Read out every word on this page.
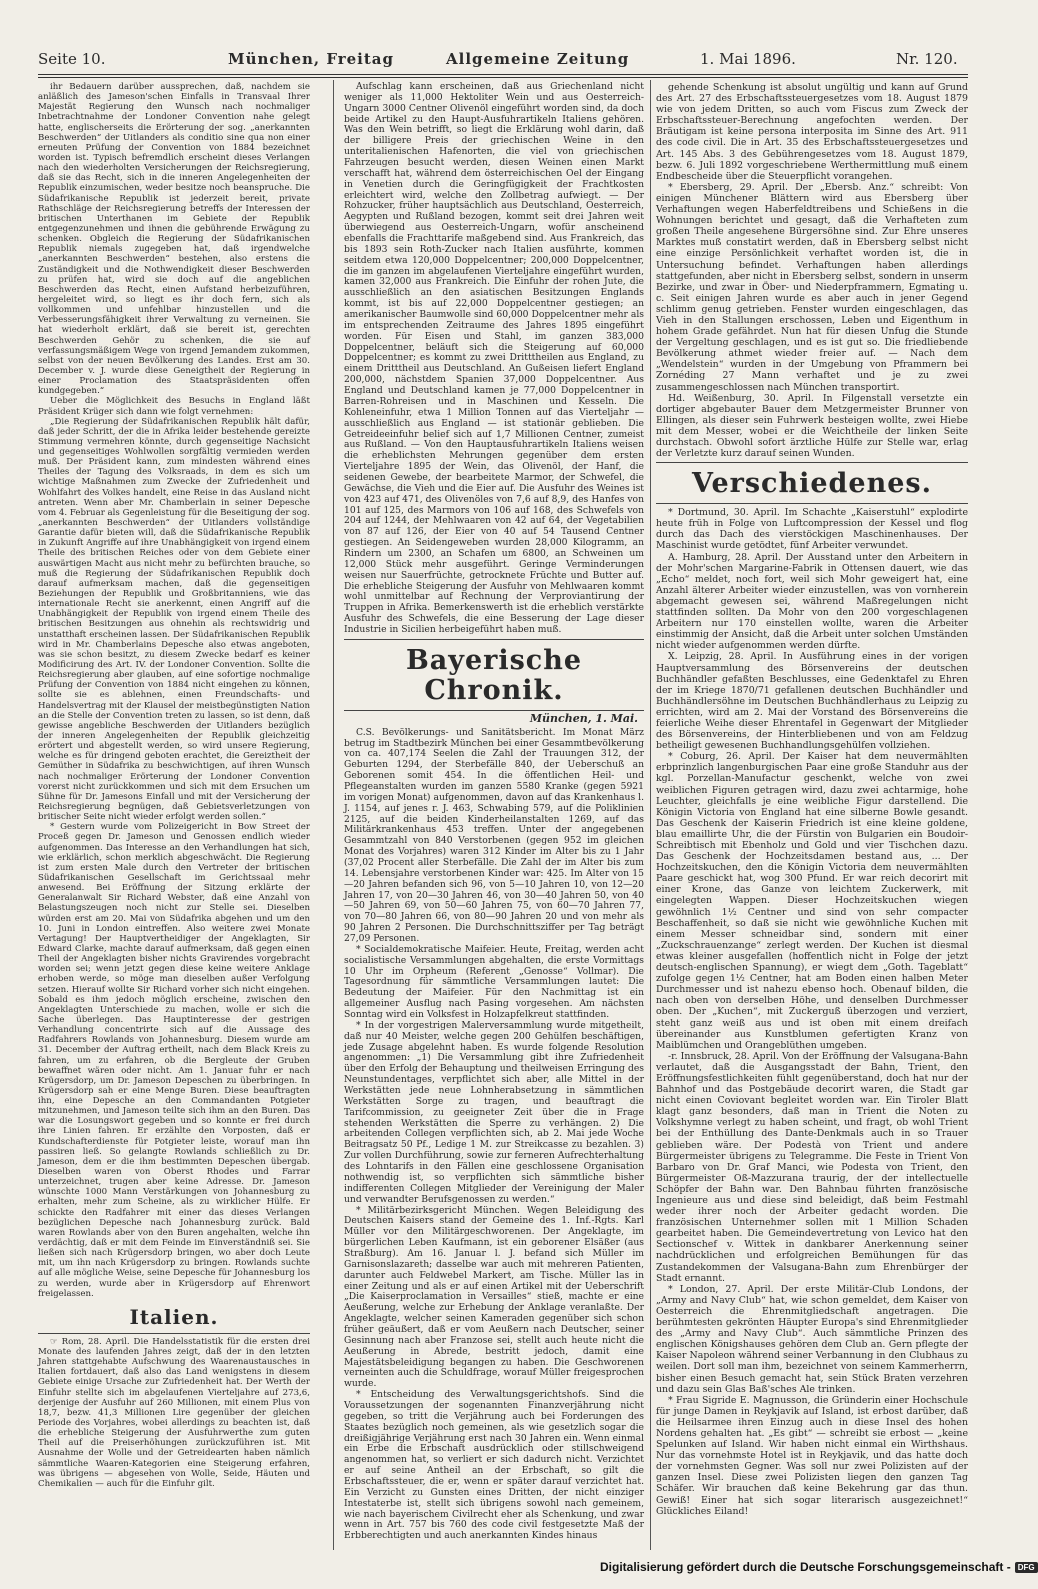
Seite 10.	München, Freitag	Allgemeine Zeitung	1. Mai 1896.	Nr. 120.

ihr Bedauern darüber aussprechen, daß, nachdem sie anläßlich des Jameson'schen Einfalls in Transvaal Ihrer Majestät Regierung den Wunsch nach nochmaliger Inbetrachtnahme der Londoner Convention nahe gelegt hatte, englischerseits die Erörterung der sog. „anerkannten Beschwerden“ der Uitlanders als conditio sine qua non einer erneuten Prüfung der Convention von 1884 bezeichnet worden ist. Typisch befremdlich erscheint dieses Verlangen nach den wiederholten Versicherungen der Reichsregierung, daß sie das Recht, sich in die inneren Angelegenheiten der Republik einzumischen, weder besitze noch beanspruche. Die Südafrikanische Republik ist jederzeit bereit, private Rathschläge der Reichsregierung betreffs der Interessen der britischen Unterthanen im Gebiete der Republik entgegenzunehmen und ihnen die gebührende Erwägung zu schenken. Obgleich die Regierung der Südafrikanischen Republik niemals zugegeben hat, daß irgendwelche „anerkannten Beschwerden“ bestehen, also erstens die Zuständigkeit und die Nothwendigkeit dieser Beschwerden zu prüfen hat, wird sie doch auf die angeblichen Beschwerden das Recht, einen Aufstand herbeizuführen, hergeleitet wird, so liegt es ihr doch fern, sich als vollkommen und unfehlbar hinzustellen und die Verbesserungsfähigkeit ihrer Verwaltung zu verneinen. Sie hat wiederholt erklärt, daß sie bereit ist, gerechten Beschwerden Gehör zu schenken, die sie auf verfassungsmäßigem Wege von irgend Jemandem zukommen, selbst von der neuen Bevölkerung des Landes. Erst am 30. December v. J. wurde diese Geneigtheit der Regierung in einer Proclamation des Staatspräsidenten offen kundgegeben.“

Ueber die Möglichkeit des Besuchs in England läßt Präsident Krüger sich dann wie folgt vernehmen:

„Die Regierung der Südafrikanischen Republik hält dafür, daß jeder Schritt, der die in Afrika leider bestehende gereizte Stimmung vermehren könnte, durch gegenseitige Nachsicht und gegenseitiges Wohlwollen sorgfältig vermieden werden muß. Der Präsident kann, zum mindesten während eines Theiles der Tagung des Volksraads, in dem es sich um wichtige Maßnahmen zum Zwecke der Zufriedenheit und Wohlfahrt des Volkes handelt, eine Reise in das Ausland nicht antreten. Wenn aber Mr. Chamberlain in seiner Depesche vom 4. Februar als Gegenleistung für die Beseitigung der sog. „anerkannten Beschwerden“ der Uitlanders vollständige Garantie dafür bieten will, daß die Südafrikanische Republik in Zukunft Angriffe auf ihre Unabhängigkeit von irgend einem Theile des britischen Reiches oder von dem Gebiete einer auswärtigen Macht aus nicht mehr zu befürchten brauche, so muß die Regierung der Südafrikanischen Republik doch darauf aufmerksam machen, daß die gegenseitigen Beziehungen der Republik und Großbritanniens, wie das internationale Recht sie anerkennt, einen Angriff auf die Unabhängigkeit der Republik von irgend einem Theile des britischen Besitzungen aus ohnehin als rechtswidrig und unstatthaft erscheinen lassen. Der Südafrikanischen Republik wird in Mr. Chamberlains Depesche also etwas angeboten, was sie schon besitzt, zu diesem Zwecke bedarf es keiner Modificirung des Art. IV. der Londoner Convention. Sollte die Reichsregierung aber glauben, auf eine sofortige nochmalige Prüfung der Convention von 1884 nicht eingehen zu können, sollte sie es ablehnen, einen Freundschafts- und Handelsvertrag mit der Klausel der meistbegünstigten Nation an die Stelle der Convention treten zu lassen, so ist denn, daß gewisse angebliche Beschwerden der Uitlanders bezüglich der inneren Angelegenheiten der Republik gleichzeitig erörtert und abgestellt werden, so wird unsere Regierung, welche es für dringend geboten erachtet, die Gereiztheit der Gemüther in Südafrika zu beschwichtigen, auf ihren Wunsch nach nochmaliger Erörterung der Londoner Convention vorerst nicht zurückkommen und sich mit dem Ersuchen um Sühne für Dr. Jamesons Einfall und mit der Versicherung der Reichsregierung begnügen, daß Gebietsverletzungen von britischer Seite nicht wieder erfolgt werden sollen.“

* Gestern wurde vom Polizeigericht in Bow Street der Proceß gegen Dr. Jameson und Genossen endlich wieder aufgenommen. Das Interesse an den Verhandlungen hat sich, wie erklärlich, schon merklich abgeschwächt. Die Regierung ist zum ersten Male durch den Vertreter der britischen Südafrikanischen Gesellschaft im Gerichtssaal mehr anwesend. Bei Eröffnung der Sitzung erklärte der Generalanwalt Sir Richard Webster, daß eine Anzahl von Belastungszeugen noch nicht zur Stelle sei. Dieselben würden erst am 20. Mai von Südafrika abgehen und um den 10. Juni in London eintreffen. Also weitere zwei Monate Vertagung! Der Hauptvertheidiger der Angeklagten, Sir Edward Clarke, machte darauf aufmerksam, daß gegen einen Theil der Angeklagten bisher nichts Gravirendes vorgebracht worden sei; wenn jetzt gegen diese keine weitere Anklage erhoben werde, so möge man dieselben außer Verfolgung setzen. Hierauf wollte Sir Richard vorher sich nicht eingehen. Sobald es ihm jedoch möglich erscheine, zwischen den Angeklagten Unterschiede zu machen, wolle er sich die Sache überlegen. Das Hauptinteresse der gestrigen Verhandlung concentrirte sich auf die Aussage des Radfahrers Rowlands von Johannesburg. Diesem wurde am 31. December der Auftrag ertheilt, nach dem Black Kreis zu fahren, um zu erfahren, ob die Bergleute der Gruben bewaffnet wären oder nicht. Am 1. Januar fuhr er nach Krügersdorp, um Dr. Jameson Depeschen zu überbringen. In Krügersdorp sah er eine Menge Buren. Diese beauftragten ihn, eine Depesche an den Commandanten Potgieter mitzunehmen, und Jameson teilte sich ihm an den Buren. Das war die Losungswort gegeben und so konnte er frei durch ihre Linien fahren. Er erzählte den Vorposten, daß er Kundschafterdienste für Potgieter leiste, worauf man ihn passiren ließ. So gelangte Rowlands schließlich zu Dr. Jameson, dem er die ihm bestimmten Depeschen übergab. Dieselben waren von Oberst Rhodes und Farrar unterzeichnet, trugen aber keine Adresse. Dr. Jameson wünschte 1000 Mann Verstärkungen von Johannesburg zu erhalten, mehr zum Scheine, als zu wirklicher Hülfe. Er schickte den Radfahrer mit einer das dieses Verlangen bezüglichen Depesche nach Johannesburg zurück. Bald waren Rowlands aber von den Buren angehalten, welche ihn verdächtig, daß er mit dem Feinde im Einverständniß sei. Sie ließen sich nach Krügersdorp bringen, wo aber doch Leute mit, um ihn nach Krügersdorp zu bringen. Rowlands suchte auf alle mögliche Weise, seine Depesche für Johannesburg los zu werden, wurde aber in Krügersdorp auf Ehrenwort freigelassen.

Italien.

☞ Rom, 28. April. Die Handelsstatistik für die ersten drei Monate des laufenden Jahres zeigt, daß der in den letzten Jahren stattgehabte Aufschwung des Waarenaustausches in Italien fortdauert, daß also das Land wenigstens in diesem Gebiete einige Ursache zur Zufriedenheit hat. Der Werth der Einfuhr stellte sich im abgelaufenen Vierteljahre auf 273,6, derjenige der Ausfuhr auf 260 Millionen, mit einem Plus von 18,7, bezw. 41,3 Millionen Lire gegenüber der gleichen Periode des Vorjahres, wobei allerdings zu beachten ist, daß die erhebliche Steigerung der Ausfuhrwerthe zum guten Theil auf die Preiserhöhungen zurückzuführen ist. Mit Ausnahme der Wolle und der Getreidearten haben nämlich sämmtliche Waaren-Kategorien eine Steigerung erfahren, was übrigens — abgesehen von Wolle, Seide, Häuten und Chemikalien — auch für die Einfuhr gilt.

Aufschlag kann erscheinen, daß aus Griechenland nicht weniger als 11,000 Hektoliter Wein und aus Oesterreich-Ungarn 3000 Centner Olivenöl eingeführt worden sind, da doch beide Artikel zu den Haupt-Ausfuhrartikeln Italiens gehören. Was den Wein betrifft, so liegt die Erklärung wohl darin, daß der billigere Preis der griechischen Weine in den unteritalienischen Hafenorten, die viel von griechischen Fahrzeugen besucht werden, diesen Weinen einen Markt verschafft hat, während dem österreichischen Oel der Eingang in Venetien durch die Geringfügigkeit der Frachtkosten erleichtert wird, welche den Zollbetrag aufwiegt. — Der Rohzucker, früher hauptsächlich aus Deutschland, Oesterreich, Aegypten und Rußland bezogen, kommt seit drei Jahren weit überwiegend aus Oesterreich-Ungarn, wofür anscheinend ebenfalls die Frachttarife maßgebend sind. Aus Frankreich, das bis 1893 sein Roth-Zucker nach Italien ausführte, kommen seitdem etwa 120,000 Doppelcentner; 200,000 Doppelcentner, die im ganzen im abgelaufenen Vierteljahre eingeführt wurden, kamen 32,000 aus Frankreich. Die Einfuhr der rohen Jute, die ausschließlich an den asiatischen Besitzungen Englands kommt, ist bis auf 22,000 Doppelcentner gestiegen; an amerikanischer Baumwolle sind 60,000 Doppelcentner mehr als im entsprechenden Zeitraume des Jahres 1895 eingeführt worden. Für Eisen und Stahl, im ganzen 383,000 Doppelcentner, beläuft sich die Steigerung auf 60,000 Doppelcentner; es kommt zu zwei Dritttheilen aus England, zu einem Dritttheil aus Deutschland. An Gußeisen liefert England 200,000, nächstdem Spanien 37,000 Doppelcentner. Aus England und Deutschland kamen je 77,000 Doppelcentner in Barren-Rohreisen und in Maschinen und Kesseln. Die Kohleneinfuhr, etwa 1 Million Tonnen auf das Vierteljahr — ausschließlich aus England — ist stationär geblieben. Die Getreideeinfuhr belief sich auf 1,7 Millionen Centner, zumeist aus Rußland. — Von den Hauptausfuhrartikeln Italiens weisen die erheblichsten Mehrungen gegenüber dem ersten Vierteljahre 1895 der Wein, das Olivenöl, der Hanf, die seidenen Gewebe, der bearbeitete Marmor, der Schwefel, die Gewächse, die Vieh und die Eier auf. Die Ausfuhr des Weines ist von 423 auf 471, des Olivenöles von 7,6 auf 8,9, des Hanfes von 101 auf 125, des Marmors von 106 auf 168, des Schwefels von 204 auf 1244, der Mehlwaaren von 42 auf 64, der Vegetabilien von 87 auf 126, der Eier von 40 auf 54 Tausend Centner gestiegen. An Seidengeweben wurden 28,000 Kilogramm, an Rindern um 2300, an Schafen um 6800, an Schweinen um 12,000 Stück mehr ausgeführt. Geringe Verminderungen weisen nur Sauerfrüchte, getrocknete Früchte und Butter auf. Die erhebliche Steigerung der Ausfuhr von Mehlwaaren kommt wohl unmittelbar auf Rechnung der Verproviantirung der Truppen in Afrika. Bemerkenswerth ist die erheblich verstärkte Ausfuhr des Schwefels, die eine Besserung der Lage dieser Industrie in Sicilien herbeigeführt haben muß.

Bayerische Chronik.
München, 1. Mai.

C.S. Bevölkerungs- und Sanitätsbericht. Im Monat März betrug im Stadtbezirk München bei einer Gesammtbevölkerung von ca. 407,174 Seelen die Zahl der Trauungen 312, der Geburten 1294, der Sterbefälle 840, der Ueberschuß an Geborenen somit 454. In die öffentlichen Heil- und Pflegeanstalten wurden im ganzen 5580 Kranke (gegen 5921 im vorigen Monat) aufgenommen, davon auf das Krankenhaus l. J. 1154, auf jenes r. J. 463, Schwabing 579, auf die Poliklinien 2125, auf die beiden Kinderheilanstalten 1269, auf das Militärkrankenhaus 453 treffen. Unter der angegebenen Gesammtzahl von 840 Verstorbenen (gegen 952 im gleichen Monat des Vorjahres) waren 312 Kinder im Alter bis zu 1 Jahr (37,02 Procent aller Sterbefälle. Die Zahl der im Alter bis zum 14. Lebensjahre verstorbenen Kinder war: 425. Im Alter von 15—20 Jahren befanden sich 96, von 5—10 Jahren 10, von 12—20 Jahren 17, von 20—30 Jahren 46, von 30—40 Jahren 50, von 40—50 Jahren 69, von 50—60 Jahren 75, von 60—70 Jahren 77, von 70—80 Jahren 66, von 80—90 Jahren 20 und von mehr als 90 Jahren 2 Personen. Die Durchschnittsziffer per Tag beträgt 27,09 Personen.

* Socialdemokratische Maifeier. Heute, Freitag, werden acht socialistische Versammlungen abgehalten, die erste Vormittags 10 Uhr im Orpheum (Referent „Genosse“ Vollmar). Die Tagesordnung für sämmtliche Versammlungen lautet: Die Bedeutung der Maifeier. Für den Nachmittag ist ein allgemeiner Ausflug nach Pasing vorgesehen. Am nächsten Sonntag wird ein Volksfest in Holzapfelkreut stattfinden.

* In der vorgestrigen Malerversammlung wurde mitgetheilt, daß nur 40 Meister, welche gegen 200 Gehülfen beschäftigen, jede Zusage abgelehnt haben. Es wurde folgende Resolution angenommen: „1) Die Versammlung gibt ihre Zufriedenheit über den Erfolg der Behauptung und theilweisen Erringung des Neunstundentages, verpflichtet sich aber, alle Mittel in der Werkstätten jede neue Lohnherabsetzung in sämmtlichen Werkstätten Sorge zu tragen, und beauftragt die Tarifcommission, zu geeigneter Zeit über die in Frage stehenden Werkstätten die Sperre zu verhängen. 2) Die arbeitenden Collegen verpflichten sich, ab 2. Mai jede Woche Beitragsatz 50 Pf., Ledige 1 M. zur Streikcasse zu bezahlen. 3) Zur vollen Durchführung, sowie zur ferneren Aufrechterhaltung des Lohntarifs in den Fällen eine geschlossene Organisation nothwendig ist, so verpflichten sich sämmtliche bisher indifferenten Collegen Mitglieder der Vereinigung der Maler und verwandter Berufsgenossen zu werden.“

* Militärbezirksgericht München. Wegen Beleidigung des Deutschen Kaisers stand der Gemeine des 1. Inf.-Rgts. Karl Müller vor den Militärgeschworenen. Der Angeklagte, im bürgerlichen Leben Kaufmann, ist ein geborener Elsäßer (aus Straßburg). Am 16. Januar l. J. befand sich Müller im Garnisonslazareth; dasselbe war auch mit mehreren Patienten, darunter auch Feldwebel Markert, am Tische. Müller las in einer Zeitung und als er auf einen Artikel mit der Ueberschrift „Die Kaiserproclamation in Versailles“ stieß, machte er eine Aeußerung, welche zur Erhebung der Anklage veranlaßte. Der Angeklagte, welcher seinen Kameraden gegenüber sich schon früher geäußert, daß er vom Aeußern nach Deutscher, seiner Gesinnung nach aber Franzose sei, stellt auch heute nicht die Aeußerung in Abrede, bestritt jedoch, damit eine Majestätsbeleidigung begangen zu haben. Die Geschworenen verneinten auch die Schuldfrage, worauf Müller freigesprochen wurde.

* Entscheidung des Verwaltungsgerichtshofs. Sind die Voraussetzungen der sogenannten Finanzverjährung nicht gegeben, so tritt die Verjährung auch bei Forderungen des Staates bezüglich noch gemeinen, als wie gesetzlich sogar die dreißigjährige Verjährung erst nach 30 Jahren ein. Wenn einmal ein Erbe die Erbschaft ausdrücklich oder stillschweigend angenommen hat, so verliert er sich dadurch nicht. Verzichtet er auf seine Antheil an der Erbschaft, so gilt die Erbschaftssteuer, die er, wenn er später darauf verzichtet hat. Ein Verzicht zu Gunsten eines Dritten, der nicht einziger Intestaterbe ist, stellt sich übrigens sowohl nach gemeinem, wie nach bayerischem Civilrecht eher als Schenkung, und zwar wenn in Art. 757 bis 760 des code civil festgesetzte Maß der Erbberechtigten und auch anerkannten Kindes hinaus

gehende Schenkung ist absolut ungültig und kann auf Grund des Art. 27 des Erbschaftssteuergesetzes vom 18. August 1879 wie von jedem Dritten, so auch vom Fiscus zum Zweck der Erbschaftssteuer-Berechnung angefochten werden. Der Bräutigam ist keine persona interposita im Sinne des Art. 911 des code civil. Die in Art. 35 des Erbschaftssteuergesetzes und Art. 145 Abs. 3 des Gebührengesetzes vom 18. August 1879, bezw. 6. Juli 1892 vorgeschriebene Werthermittlung muß einem Endbescheide über die Steuerpflicht vorangehen.

* Ebersberg, 29. April. Der „Ebersb. Anz.“ schreibt: Von einigen Münchener Blättern wird aus Ebersberg über Verhaftungen wegen Haberfeldtreibens und Schießens in die Wohnungen berichtet und gesagt, daß die Verhafteten zum großen Theile angesehene Bürgersöhne sind. Zur Ehre unseres Marktes muß constatirt werden, daß in Ebersberg selbst nicht eine einzige Persönlichkeit verhaftet worden ist, die in Untersuchung befindet. Verhaftungen haben allerdings stattgefunden, aber nicht in Ebersberg selbst, sondern in unserm Bezirke, und zwar in Öber- und Niederpframmern, Egmating u. c. Seit einigen Jahren wurde es aber auch in jener Gegend schlimm genug getrieben. Fenster wurden eingeschlagen, das Vieh in den Stallungen erschossen, Leben und Eigenthum in hohem Grade gefährdet. Nun hat für diesen Unfug die Stunde der Vergeltung geschlagen, und es ist gut so. Die friedliebende Bevölkerung athmet wieder freier auf. — Nach dem „Wendelstein“ wurden in der Umgebung von Pframmern bei Zornéding 27 Mann verhaftet und je zu zwei zusammengeschlossen nach München transportirt.

Hd. Weißenburg, 30. April. In Filgenstall versetzte ein dortiger abgebauter Bauer dem Metzgermeister Brunner von Ellingen, als dieser sein Fuhrwerk besteigen wollte, zwei Hiebe mit dem Messer, wobei er die Weichtheile der linken Seite durchstach. Obwohl sofort ärztliche Hülfe zur Stelle war, erlag der Verletzte kurz darauf seinen Wunden.

Verschiedenes.

* Dortmund, 30. April. Im Schachte „Kaiserstuhl“ explodirte heute früh in Folge von Luftcompression der Kessel und flog durch das Dach des vierstöckigen Maschinenhauses. Der Maschinist wurde getödtet, fünf Arbeiter verwundet.

A. Hamburg, 28. April. Der Ausstand unter den Arbeitern in der Mohr'schen Margarine-Fabrik in Ottensen dauert, wie das „Echo“ meldet, noch fort, weil sich Mohr geweigert hat, eine Anzahl älterer Arbeiter wieder einzustellen, was von vornherein abgemacht gewesen sei, während Maßregelungen nicht stattfinden sollten. Da Mohr von den 200 vorgeschlagenen Arbeitern nur 170 einstellen wollte, waren die Arbeiter einstimmig der Ansicht, daß die Arbeit unter solchen Umständen nicht wieder aufgenommen werden dürfte.

X. Leipzig, 28. April. In Ausführung eines in der vorigen Hauptversammlung des Börsenvereins der deutschen Buchhändler gefaßten Beschlusses, eine Gedenktafel zu Ehren der im Kriege 1870/71 gefallenen deutschen Buchhändler und Buchhändlersöhne im Deutschen Buchhändlerhaus zu Leipzig zu errichten, wird am 2. Mai der Vorstand des Börsenvereins die feierliche Weihe dieser Ehrentafel in Gegenwart der Mitglieder des Börsenvereins, der Hinterbliebenen und von am Feldzug betheiligt gewesenen Buchhandlungsgehülfen vollziehen.

* Coburg, 26. April. Der Kaiser hat dem neuvermählten erbprinzlich langenburgischen Paar eine große Standuhr aus der kgl. Porzellan-Manufactur geschenkt, welche von zwei weiblichen Figuren getragen wird, dazu zwei achtarmige, hohe Leuchter, gleichfalls je eine weibliche Figur darstellend. Die Königin Victoria von England hat eine silberne Bowle gesandt. Das Geschenk der Kaiserin Friedrich ist eine kleine goldene, blau emaillirte Uhr, die der Fürstin von Bulgarien ein Boudoir-Schreibtisch mit Ebenholz und Gold und vier Tischchen dazu. Das Geschenk der Hochzeitsdamen bestand aus, ... Der Hochzeitskuchen, den die Königin Victoria dem neuvermählten Paare geschickt hat, wog 300 Pfund. Er war reich decorirt mit einer Krone, das Ganze von leichtem Zuckerwerk, mit eingelegten Wappen. Dieser Hochzeitskuchen wiegen gewöhnlich 1½ Centner und sind von sehr compacter Beschaffenheit, so daß sie nicht wie gewöhnliche Kuchen mit einem Messer schneidbar sind, sondern mit einer „Zuckschrauenzange“ zerlegt werden. Der Kuchen ist diesmal etwas kleiner ausgefallen (hoffentlich nicht in Folge der jetzt deutsch-englischen Spannung), er wiegt dem „Goth. Tageblatt“ zufolge gegen 1½ Centner, hat am Boden einen halben Meter Durchmesser und ist nahezu ebenso hoch. Obenauf bilden, die nach oben von derselben Höhe, und denselben Durchmesser oben. Der „Kuchen“, mit Zuckerguß überzogen und verziert, steht ganz weiß aus und ist oben mit einem dreifach übereinander aus Kunstblumen gefertigten Kranz von Maiblümchen und Orangeblüthen umgeben.

-r. Innsbruck, 28. April. Von der Eröffnung der Valsugana-Bahn verlautet, daß die Ausgangsstadt der Bahn, Trient, den Eröffnungsfestlichkeiten fühlt gegenüberstand, doch hat nur der Bahnhof und das Postgebäude decorirt waren, die Stadt gar nicht einen Coviovant begleitet worden war. Ein Tiroler Blatt klagt ganz besonders, daß man in Trient die Noten zu Volkshymne verlegt zu haben scheint, und fragt, ob wohl Trient bei der Enthüllung des Dante-Denkmals auch in so Trauer geblieben wäre. Der Podestà von Trient und andere Bürgermeister übrigens zu Telegramme. Die Feste in Trient Von Barbaro von Dr. Graf Manci, wie Podesta von Trient, den Bürgermeister Oß-Mazzurana traurig, der der intellectuelle Schöpfer der Bahn war. Den Bahnbau führten französische Ingenieure aus und diese sind beleidigt, daß beim Festmahl weder ihrer noch der Arbeiter gedacht worden. Die französischen Unternehmer sollen mit 1 Million Schaden gearbeitet haben. Die Gemeindevertretung von Levico hat den Sectionschef v. Wittek in dankbarer Anerkennung seiner nachdrücklichen und erfolgreichen Bemühungen für das Zustandekommen der Valsugana-Bahn zum Ehrenbürger der Stadt ernannt.

* London, 27. April. Der erste Militär-Club Londons, der „Army and Navy Club“ hat, wie schon gemeldet, dem Kaiser von Oesterreich die Ehrenmitgliedschaft angetragen. Die berühmtesten gekrönten Häupter Europa's sind Ehrenmitglieder des „Army and Navy Club“. Auch sämmtliche Prinzen des englischen Königshauses gehören dem Club an. Gern pflegte der Kaiser Napoleon während seiner Verbannung in den Clubhaus zu weilen. Dort soll man ihm, bezeichnet von seinem Kammerherrn, bisher einen Besuch gemacht hat, sein Stück Braten verzehren und dazu sein Glas Baß'sches Ale trinken.

* Frau Sigride E. Magnusson, die Gründerin einer Hochschule für junge Damen in Reykjavik auf Island, ist erbost darüber, daß die Heilsarmee ihren Einzug auch in diese Insel des hohen Nordens gehalten hat. „Es gibt“ — schreibt sie erbost — „keine Spelunken auf Island. Wir haben nicht einmal ein Wirthshaus. Nur das vornehmste Hotel ist in Reykjavik, und das hatte doch der vornehmsten Gegner. Was soll nur zwei Polizisten auf der ganzen Insel. Diese zwei Polizisten liegen den ganzen Tag Schäfer. Wir brauchen daß keine Bekehrung gar das thun. Gewiß! Einer hat sich sogar literarisch ausgezeichnet!“ Glückliches Eiland!

Digitalisierung gefördert durch die Deutsche Forschungsgemeinschaft - DFG
